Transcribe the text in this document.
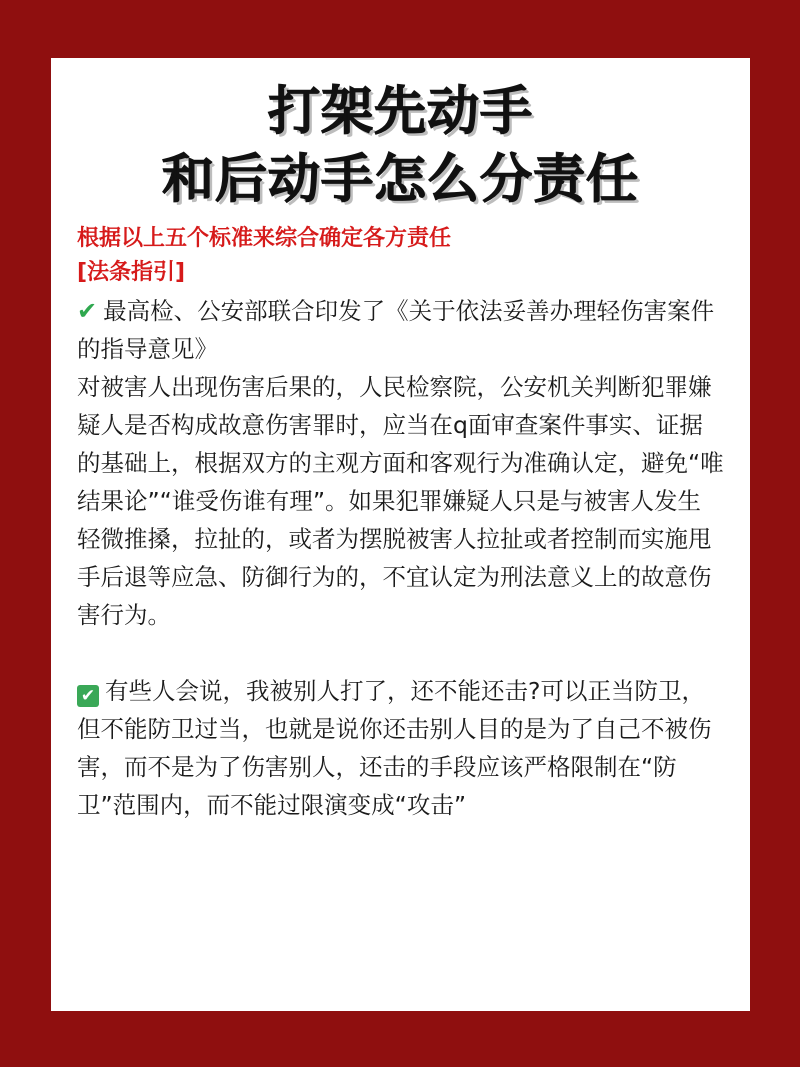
打架先动手
和后动手怎么分责任
根据以上五个标准来综合确定各方责任
[法条指引]

✔ 最高检、公安部联合印发了《关于依法妥善办理轻伤害案件的指导意见》

对被害人出现伤害后果的，人民检察院，公安机关判断犯罪嫌疑人是否构成故意伤害罪时，应当在q面审查案件事实、证据的基础上，根据双方的主观方面和客观行为准确认定，避免“唯结果论”“谁受伤谁有理”。如果犯罪嫌疑人只是与被害人发生轻微推搡，拉扯的，或者为摆脱被害人拉扯或者控制而实施甩手后退等应急、防御行为的，不宜认定为刑法意义上的故意伤害行为。

✔ 有些人会说，我被别人打了，还不能还击?可以正当防卫，但不能防卫过当，也就是说你还击别人目的是为了自己不被伤害，而不是为了伤害别人，还击的手段应该严格限制在“防卫”范围内，而不能过限演变成“攻击”
